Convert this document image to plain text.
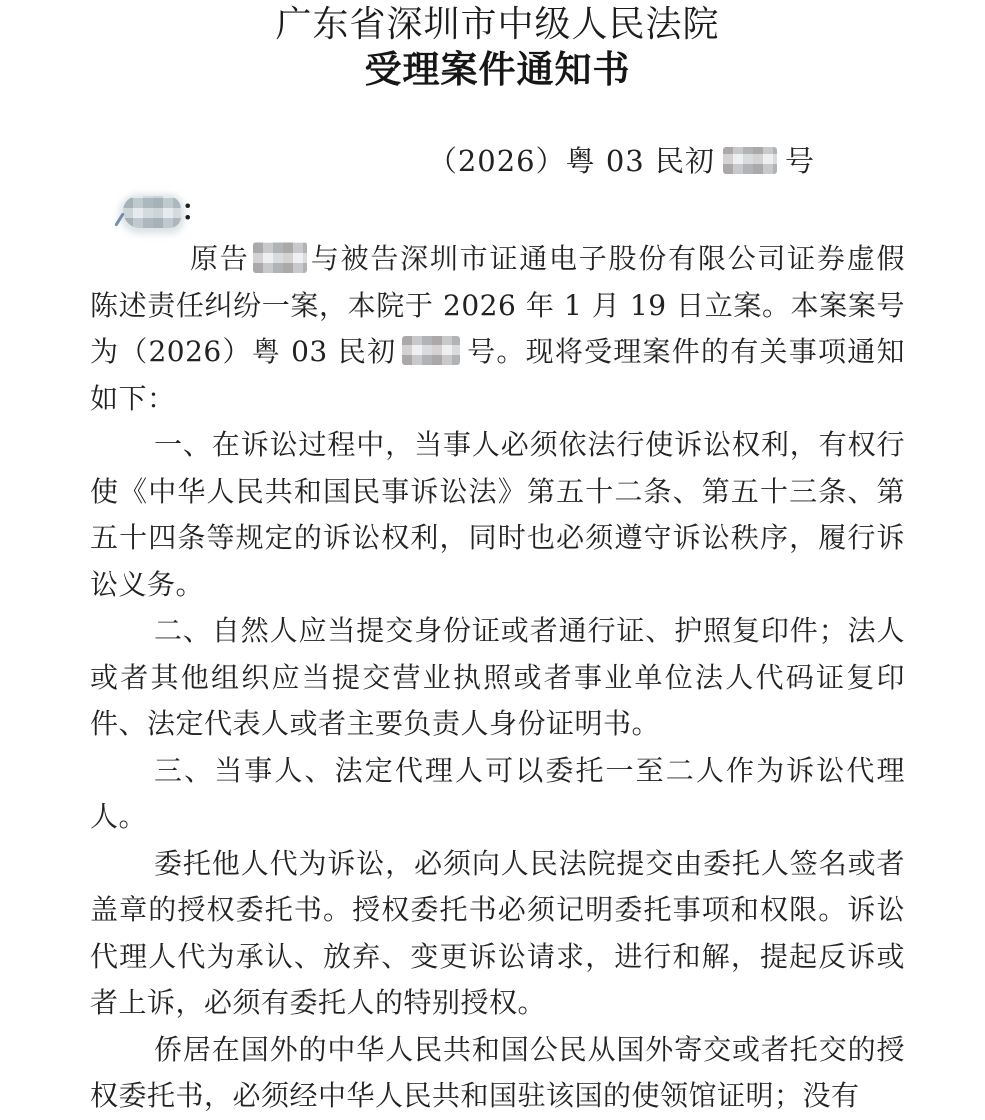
广东省深圳市中级人民法院
受理案件通知书
（2026）粤 03 民初 号
：

原告 与被告深圳市证通电子股份有限公司证券虚假陈述责任纠纷一案，本院于 2026 年 1 月 19 日立案。本案案号为（2026）粤 03 民初	号。现将受理案件的有关事项通知如下：

一、在诉讼过程中，当事人必须依法行使诉讼权利，有权行使《中华人民共和国民事诉讼法》第五十二条、第五十三条、第五十四条等规定的诉讼权利，同时也必须遵守诉讼秩序，履行诉讼义务。

二、自然人应当提交身份证或者通行证、护照复印件；法人或者其他组织应当提交营业执照或者事业单位法人代码证复印件、法定代表人或者主要负责人身份证明书。

三、当事人、法定代理人可以委托一至二人作为诉讼代理人。

委托他人代为诉讼，必须向人民法院提交由委托人签名或者盖章的授权委托书。授权委托书必须记明委托事项和权限。诉讼代理人代为承认、放弃、变更诉讼请求，进行和解，提起反诉或者上诉，必须有委托人的特别授权。

侨居在国外的中华人民共和国公民从国外寄交或者托交的授权委托书，必须经中华人民共和国驻该国的使领馆证明；没有
